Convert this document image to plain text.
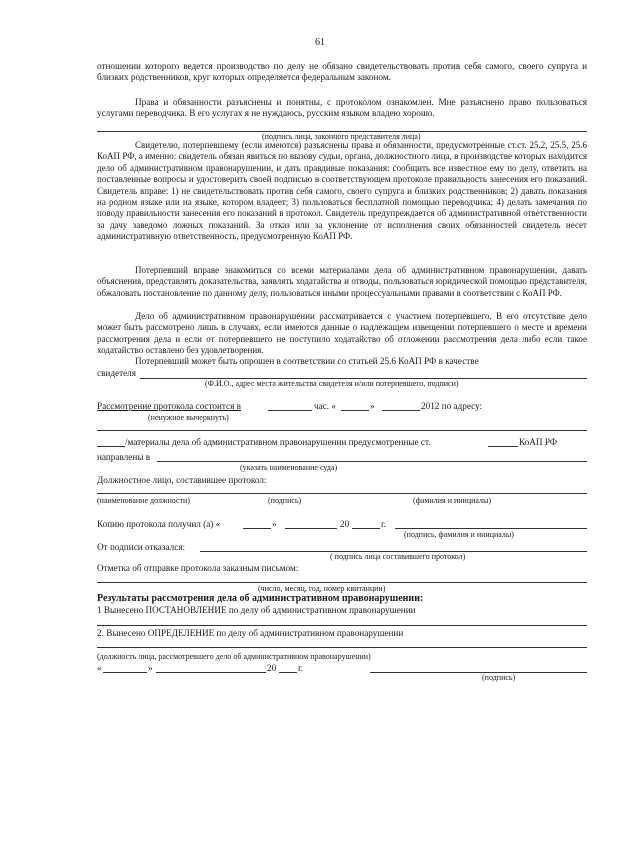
61

отношении которого ведется производство по делу не обязано свидетельствовать против себя самого, своего супруга и близких родственников, круг которых определяется федеральным законом.

Права и обязанности разъяснены и понятны, с протоколом ознакомлен. Мне разъяснено право пользоваться услугами переводчика. В его услугах я не нуждаюсь, русским языком владею хорошо.

(подпись лица, законного представителя лица)

Свидетелю, потерпевшему (если имеются) разъяснены права и обязанности, предусмотренные ст.ст. 25.2, 25.5, 25.6 КоАП РФ, а именно: свидетель обязан явиться по вызову судьи, органа, должностного лица, в производстве которых находится дело об административном правонарушении, и дать правдивые показания: сообщить все известное ему по делу, ответить на поставленные вопросы и удостоверить своей подписью в соответствующем протоколе правильность занесения его показаний. Свидетель вправе: 1) не свидетельствовать против себя самого, своего супруга и близких родственников; 2) давать показания на родном языке или на языке, котором владеет; 3) пользоваться бесплатной помощью переводчика; 4) делать замечания по поводу правильности занесения его показаний в протокол. Свидетель предупреждается об административной ответственности за дачу заведомо ложных показаний. За отказ или за уклонение от исполнения своих обязанностей свидетель несет административную ответственность, предусмотренную КоАП РФ.

Потерпевший вправе знакомиться со всеми материалами дела об административном правонарушении, давать объяснения, представлять доказательства, заявлять ходатайства и отводы, пользоваться юридической помощью представителя, обжаловать постановление по данному делу, пользоваться иными процессуальными правами в соответствии с КоАП РФ.

Дело об административном правонарушении рассматривается с участием потерпевшего. В его отсутствие дело может быть рассмотрено лишь в случаях, если имеются данные о надлежащем извещении потерпевшего о месте и времени рассмотрения дела и если от потерпевшего не поступило ходатайство об отложении рассмотрения дела либо если такое ходатайство оставлено без удовлетворения.

Потерпевший может быть опрошен в соответствии со статьей 25.6 КоАП РФ в качестве

свидетеля
(Ф.И.О., адрес места жительства свидетеля и/или потерпевшего, подписи)
Рассмотрение протокола состоится в	час. «	»	2012 по адресу:
(ненужное вычеркнуть)
/материалы дела об административном правонарушении предусмотренные ст.	КоАП РФ
направлены в
(указать наименование суда)
Должностное лицо, составившее протокол:
(наименование должности)	(подпись)	(фамилия и инициалы)
Копию протокола получил (а) «	»	20	г.
(подпись, фамилия и инициалы)
От подписи отказался:
( подпись лица составившего протокол)
Отметка об отправке протокола заказным письмом:
(число, месяц, год, номер квитанции)
Результаты рассмотрения дела об административном правонарушении:
1 Вынесено ПОСТАНОВЛЕНИЕ по делу об административном правонарушении
2. Вынесено ОПРЕДЕЛЕНИЕ по делу об административном правонарушении
(должность лица, рассмотревшего дело об административном правонарушении)
«	»	20 г.
(подпись)
